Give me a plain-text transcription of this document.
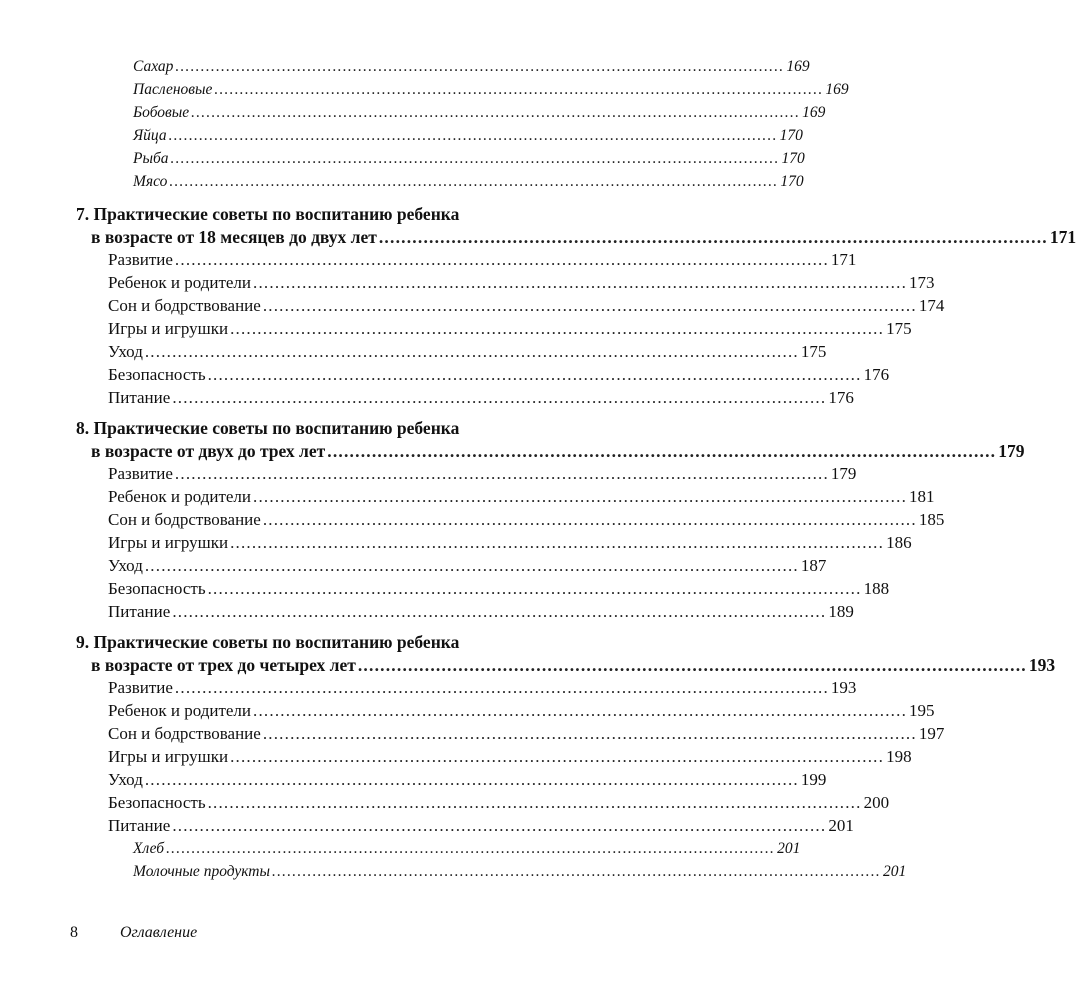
Сахар ........................................................................................................................ 169
Пасленовые ........................................................................................................................ 169
Бобовые ........................................................................................................................ 169
Яйца ........................................................................................................................ 170
Рыба ........................................................................................................................ 170
Мясо ........................................................................................................................ 170
7. Практические советы по воспитанию ребенка
в возрасте от 18 месяцев до двух лет ........................................................................................................................ 171
Развитие ........................................................................................................................ 171
Ребенок и родители ........................................................................................................................ 173
Сон и бодрствование ........................................................................................................................ 174
Игры и игрушки ........................................................................................................................ 175
Уход ........................................................................................................................ 175
Безопасность ........................................................................................................................ 176
Питание ........................................................................................................................ 176
8. Практические советы по воспитанию ребенка
в возрасте от двух до трех лет ........................................................................................................................ 179
Развитие ........................................................................................................................ 179
Ребенок и родители ........................................................................................................................ 181
Сон и бодрствование ........................................................................................................................ 185
Игры и игрушки ........................................................................................................................ 186
Уход ........................................................................................................................ 187
Безопасность ........................................................................................................................ 188
Питание ........................................................................................................................ 189
9. Практические советы по воспитанию ребенка
в возрасте от трех до четырех лет ........................................................................................................................ 193
Развитие ........................................................................................................................ 193
Ребенок и родители ........................................................................................................................ 195
Сон и бодрствование ........................................................................................................................ 197
Игры и игрушки ........................................................................................................................ 198
Уход ........................................................................................................................ 199
Безопасность ........................................................................................................................ 200
Питание ........................................................................................................................ 201
Хлеб ........................................................................................................................ 201
Молочные продукты ........................................................................................................................ 201
8	Оглавление
